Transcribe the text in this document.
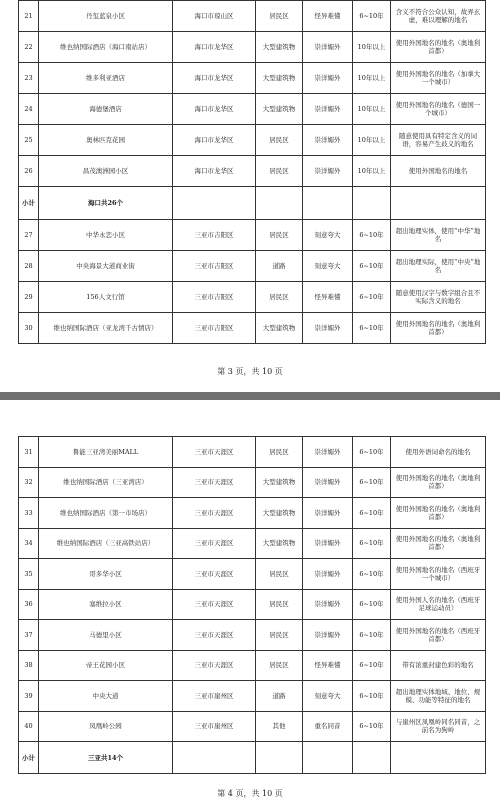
21	丹玺蓝泉小区	海口市琼山区	居民区	怪异难懂	6~10年	含义不符合公众认知，故弄玄虚，难以理解的地名
22	维也纳国际酒店（海口南站店）	海口市龙华区	大型建筑物	崇洋媚外	10年以上	使用外国地名的地名（奥地利首都）
23	维多利亚酒店	海口市龙华区	大型建筑物	崇洋媚外	10年以上	使用外国地名的地名（加拿大一个城市）
24	海德堡酒店	海口市龙华区	大型建筑物	崇洋媚外	10年以上	使用外国地名的地名（德国一个城市）
25	奥林匹克花园	海口市龙华区	居民区	崇洋媚外	10年以上	随意使用具有特定含义的词语，容易产生歧义的地名
26	昌茂澳洲园小区	海口市龙华区	居民区	崇洋媚外	10年以上	使用外国地名的地名
小计	海口共26个					
27	中华永恋小区	三亚市吉阳区	居民区	刻意夸大	6~10年	超出地理实体，使用“中华”地名
28	中央海景大道商业街	三亚市吉阳区	道路	刻意夸大	6~10年	超出地理实际，使用“中央”地名
29	156人文行馆	三亚市吉阳区	居民区	怪异难懂	6~10年	随意使用汉字与数字组合且不实际含义的地名
30	维也纳国际酒店（亚龙湾千古情店）	三亚市吉阳区	大型建筑物	崇洋媚外	6~10年	使用外国地名的地名（奥地利首都）
第 3 页，共 10 页
31	鲁能三亚湾美丽MALL	三亚市天涯区	居民区	崇洋媚外	6~10年	使用外语词命名的地名
32	维也纳国际酒店（三亚湾店）	三亚市天涯区	大型建筑物	崇洋媚外	6~10年	使用外国地名的地名（奥地利首都）
33	维也纳国际酒店（第一市场店）	三亚市天涯区	大型建筑物	崇洋媚外	6~10年	使用外国地名的地名（奥地利首都）
34	维也纳国际酒店（三亚高铁站店）	三亚市天涯区	大型建筑物	崇洋媚外	6~10年	使用外国地名的地名（奥地利首都）
35	哥多华小区	三亚市天涯区	居民区	崇洋媚外	6~10年	使用外国地名的地名（西班牙一个城市）
36	塞维拉小区	三亚市天涯区	居民区	崇洋媚外	6~10年	使用外国人名的地名（西班牙足球运动员）
37	马德里小区	三亚市天涯区	居民区	崇洋媚外	6~10年	使用外国地名的地名（西班牙首都）
38	帝王花园小区	三亚市天涯区	居民区	怪异难懂	6~10年	带有浓重封建色彩的地名
39	中央大道	三亚市崖州区	道路	刻意夸大	6~10年	超出地理实体地域、地位、规模、功能等特征的地名
40	凤凰岭公园	三亚市崖州区	其他	重名同音	6~10年	与崖州区凤凰岭同名同音，之前名为狗岭
小计	三亚共14个					
第 4 页，共 10 页
